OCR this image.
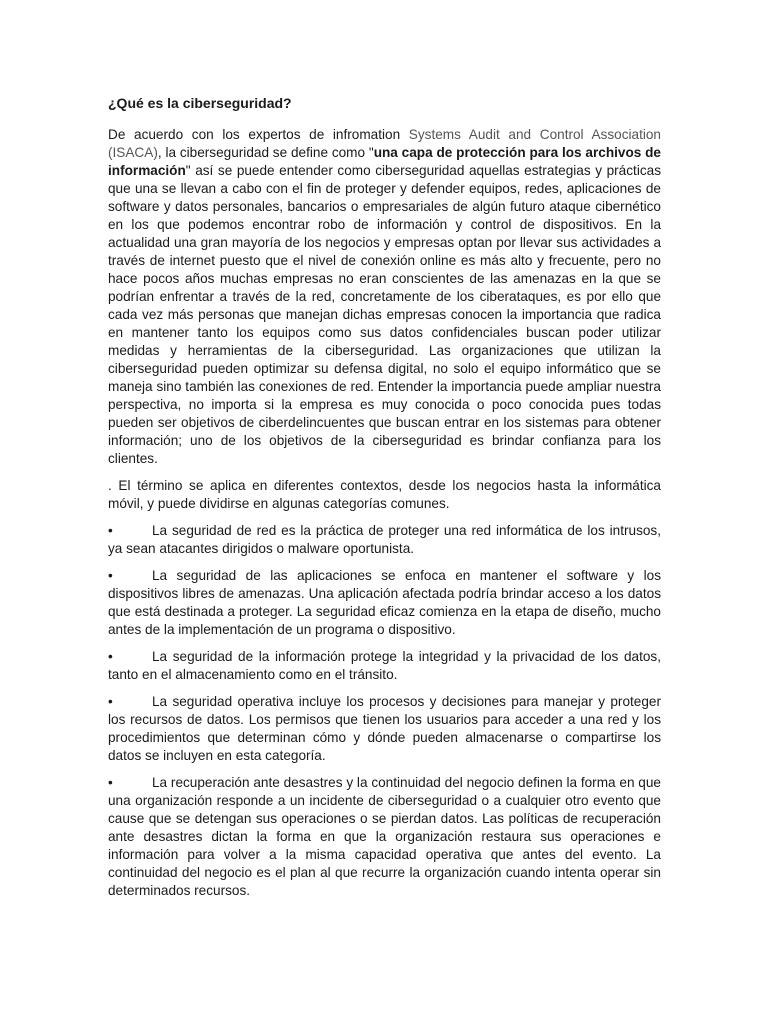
¿Qué es la ciberseguridad?

De acuerdo con los expertos de infromation Systems Audit and Control Association (ISACA), la ciberseguridad se define como "una capa de protección para los archivos de información" así se puede entender como ciberseguridad aquellas estrategias y prácticas que una se llevan a cabo con el fin de proteger y defender equipos, redes, aplicaciones de software y datos personales, bancarios o empresariales de algún futuro ataque cibernético en los que podemos encontrar robo de información y control de dispositivos. En la actualidad una gran mayoría de los negocios y empresas optan por llevar sus actividades a través de internet puesto que el nivel de conexión online es más alto y frecuente, pero no hace pocos años muchas empresas no eran conscientes de las amenazas en la que se podrían enfrentar a través de la red, concretamente de los ciberataques, es por ello que cada vez más personas que manejan dichas empresas conocen la importancia que radica en mantener tanto los equipos como sus datos confidenciales buscan poder utilizar medidas y herramientas de la ciberseguridad. Las organizaciones que utilizan la ciberseguridad pueden optimizar su defensa digital, no solo el equipo informático que se maneja sino también las conexiones de red. Entender la importancia puede ampliar nuestra perspectiva, no importa si la empresa es muy conocida o poco conocida pues todas pueden ser objetivos de ciberdelincuentes que buscan entrar en los sistemas para obtener información; uno de los objetivos de la ciberseguridad es brindar confianza para los clientes.

. El término se aplica en diferentes contextos, desde los negocios hasta la informática móvil, y puede dividirse en algunas categorías comunes.

•	La seguridad de red es la práctica de proteger una red informática de los intrusos, ya sean atacantes dirigidos o malware oportunista.
•	La seguridad de las aplicaciones se enfoca en mantener el software y los dispositivos libres de amenazas. Una aplicación afectada podría brindar acceso a los datos que está destinada a proteger. La seguridad eficaz comienza en la etapa de diseño, mucho antes de la implementación de un programa o dispositivo.
•	La seguridad de la información protege la integridad y la privacidad de los datos, tanto en el almacenamiento como en el tránsito.
•	La seguridad operativa incluye los procesos y decisiones para manejar y proteger los recursos de datos. Los permisos que tienen los usuarios para acceder a una red y los procedimientos que determinan cómo y dónde pueden almacenarse o compartirse los datos se incluyen en esta categoría.
•	La recuperación ante desastres y la continuidad del negocio definen la forma en que una organización responde a un incidente de ciberseguridad o a cualquier otro evento que cause que se detengan sus operaciones o se pierdan datos. Las políticas de recuperación ante desastres dictan la forma en que la organización restaura sus operaciones e información para volver a la misma capacidad operativa que antes del evento. La continuidad del negocio es el plan al que recurre la organización cuando intenta operar sin determinados recursos.
